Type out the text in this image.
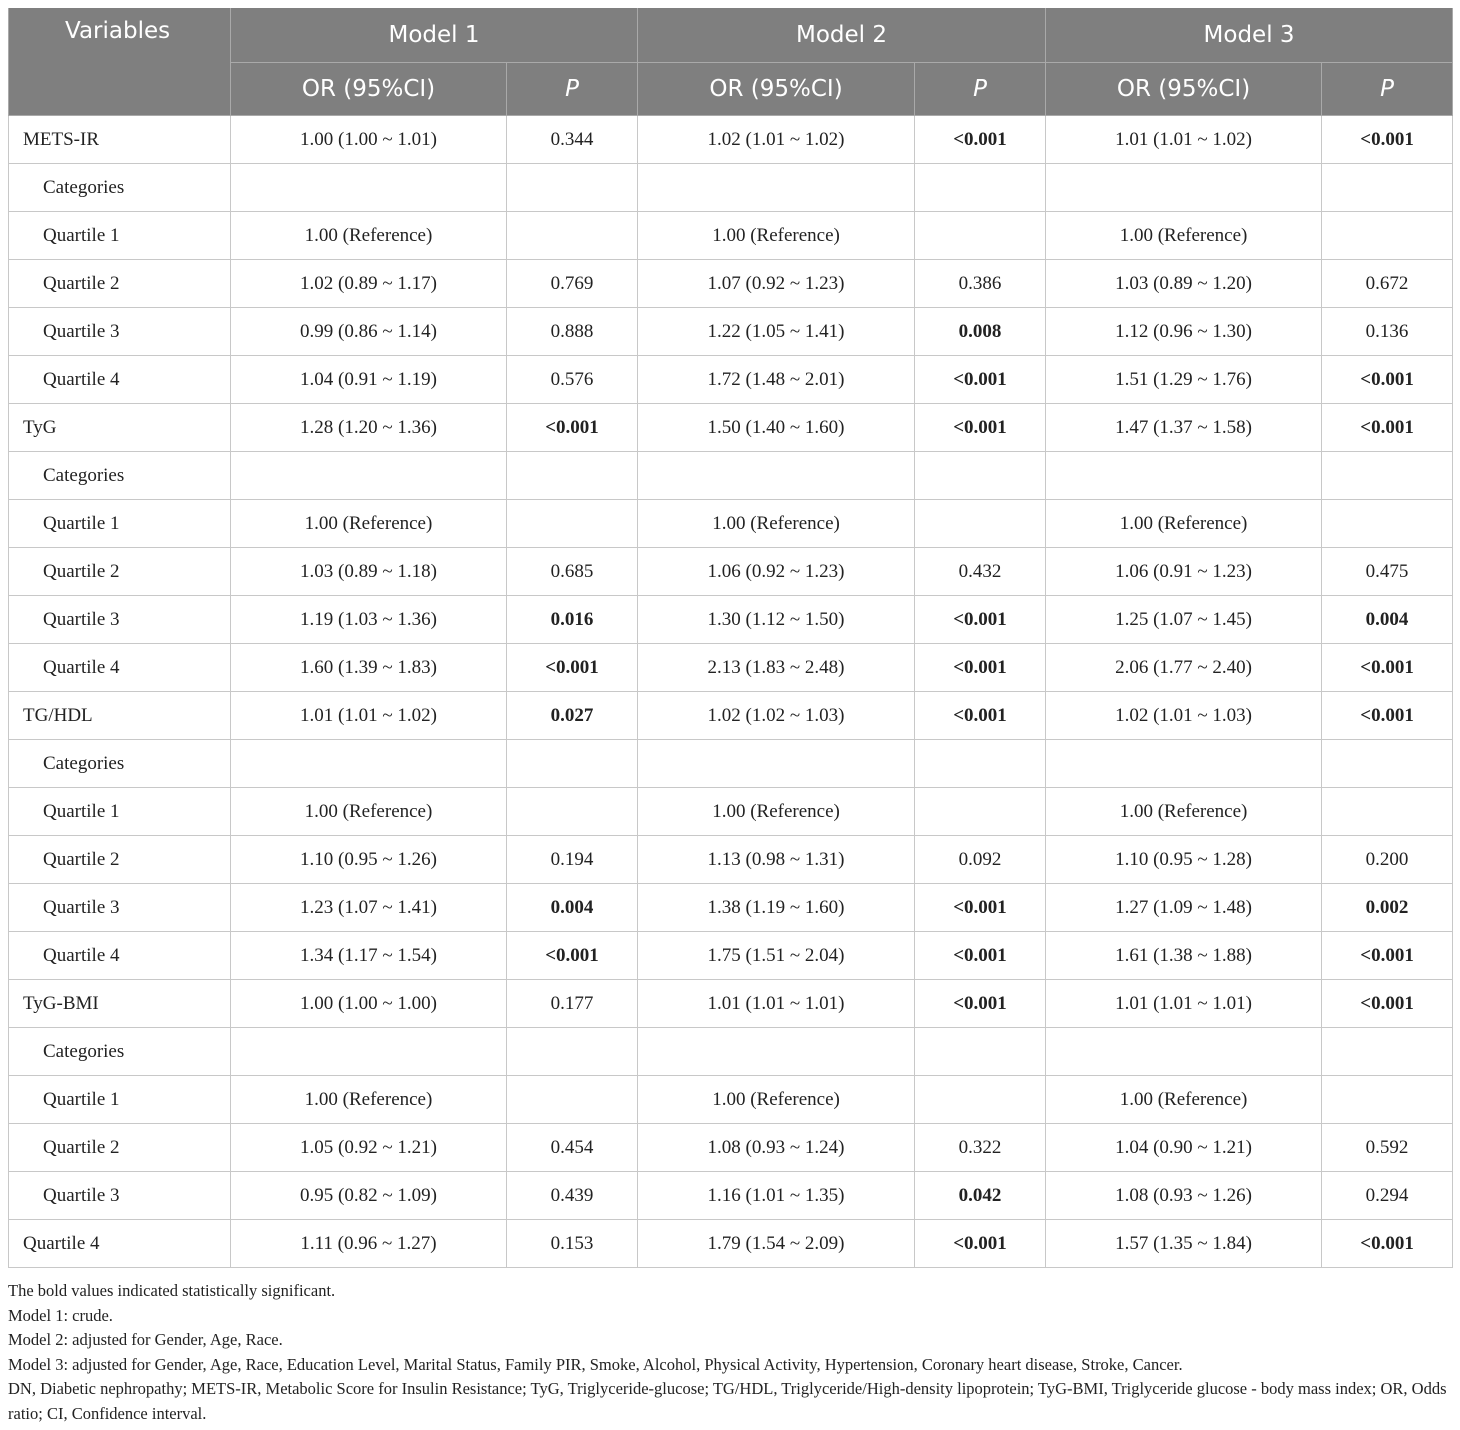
Variables	Model 1		Model 2		Model 3	
	OR (95%CI)	P	OR (95%CI)	P	OR (95%CI)	P
METS-IR	1.00 (1.00 ~ 1.01)	0.344	1.02 (1.01 ~ 1.02)	<0.001	1.01 (1.01 ~ 1.02)	<0.001
Categories						
Quartile 1	1.00 (Reference)		1.00 (Reference)		1.00 (Reference)	
Quartile 2	1.02 (0.89 ~ 1.17)	0.769	1.07 (0.92 ~ 1.23)	0.386	1.03 (0.89 ~ 1.20)	0.672
Quartile 3	0.99 (0.86 ~ 1.14)	0.888	1.22 (1.05 ~ 1.41)	0.008	1.12 (0.96 ~ 1.30)	0.136
Quartile 4	1.04 (0.91 ~ 1.19)	0.576	1.72 (1.48 ~ 2.01)	<0.001	1.51 (1.29 ~ 1.76)	<0.001
TyG	1.28 (1.20 ~ 1.36)	<0.001	1.50 (1.40 ~ 1.60)	<0.001	1.47 (1.37 ~ 1.58)	<0.001
Categories						
Quartile 1	1.00 (Reference)		1.00 (Reference)		1.00 (Reference)	
Quartile 2	1.03 (0.89 ~ 1.18)	0.685	1.06 (0.92 ~ 1.23)	0.432	1.06 (0.91 ~ 1.23)	0.475
Quartile 3	1.19 (1.03 ~ 1.36)	0.016	1.30 (1.12 ~ 1.50)	<0.001	1.25 (1.07 ~ 1.45)	0.004
Quartile 4	1.60 (1.39 ~ 1.83)	<0.001	2.13 (1.83 ~ 2.48)	<0.001	2.06 (1.77 ~ 2.40)	<0.001
TG/HDL	1.01 (1.01 ~ 1.02)	0.027	1.02 (1.02 ~ 1.03)	<0.001	1.02 (1.01 ~ 1.03)	<0.001
Categories						
Quartile 1	1.00 (Reference)		1.00 (Reference)		1.00 (Reference)	
Quartile 2	1.10 (0.95 ~ 1.26)	0.194	1.13 (0.98 ~ 1.31)	0.092	1.10 (0.95 ~ 1.28)	0.200
Quartile 3	1.23 (1.07 ~ 1.41)	0.004	1.38 (1.19 ~ 1.60)	<0.001	1.27 (1.09 ~ 1.48)	0.002
Quartile 4	1.34 (1.17 ~ 1.54)	<0.001	1.75 (1.51 ~ 2.04)	<0.001	1.61 (1.38 ~ 1.88)	<0.001
TyG-BMI	1.00 (1.00 ~ 1.00)	0.177	1.01 (1.01 ~ 1.01)	<0.001	1.01 (1.01 ~ 1.01)	<0.001
Categories						
Quartile 1	1.00 (Reference)		1.00 (Reference)		1.00 (Reference)	
Quartile 2	1.05 (0.92 ~ 1.21)	0.454	1.08 (0.93 ~ 1.24)	0.322	1.04 (0.90 ~ 1.21)	0.592
Quartile 3	0.95 (0.82 ~ 1.09)	0.439	1.16 (1.01 ~ 1.35)	0.042	1.08 (0.93 ~ 1.26)	0.294
Quartile 4	1.11 (0.96 ~ 1.27)	0.153	1.79 (1.54 ~ 2.09)	<0.001	1.57 (1.35 ~ 1.84)	<0.001

The bold values indicated statistically significant.

Model 1: crude.

Model 2: adjusted for Gender, Age, Race.

Model 3: adjusted for Gender, Age, Race, Education Level, Marital Status, Family PIR, Smoke, Alcohol, Physical Activity, Hypertension, Coronary heart disease, Stroke, Cancer.

DN, Diabetic nephropathy; METS-IR, Metabolic Score for Insulin Resistance; TyG, Triglyceride-glucose; TG/HDL, Triglyceride/High-density lipoprotein; TyG-BMI, Triglyceride glucose - body mass index; OR, Odds ratio; CI, Confidence interval.
